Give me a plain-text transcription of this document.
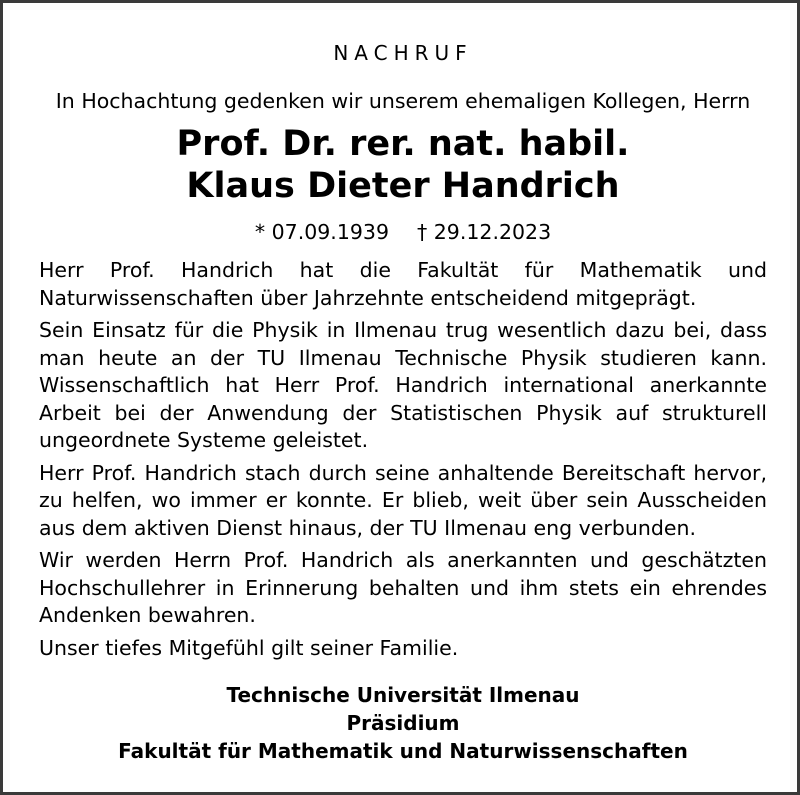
NACHRUF
In Hochachtung gedenken wir unserem ehemaligen Kollegen, Herrn
Prof. Dr. rer. nat. habil.
Klaus Dieter Handrich
* 07.09.1939 † 29.12.2023

Herr Prof. Handrich hat die Fakultät für Mathematik und Naturwissenschaften über Jahrzehnte entscheidend mitgeprägt.

Sein Einsatz für die Physik in Ilmenau trug wesentlich dazu bei, dass man heute an der TU Ilmenau Technische Physik studieren kann. Wissenschaftlich hat Herr Prof. Handrich international anerkannte Arbeit bei der Anwendung der Statistischen Physik auf strukturell ungeordnete Systeme geleistet.

Herr Prof. Handrich stach durch seine anhaltende Bereitschaft hervor, zu helfen, wo immer er konnte. Er blieb, weit über sein Ausscheiden aus dem aktiven Dienst hinaus, der TU Ilmenau eng verbunden.

Wir werden Herrn Prof. Handrich als anerkannten und geschätzten Hochschullehrer in Erinnerung behalten und ihm stets ein ehrendes Andenken bewahren.

Unser tiefes Mitgefühl gilt seiner Familie.

Technische Universität Ilmenau
Präsidium
Fakultät für Mathematik und Naturwissenschaften
